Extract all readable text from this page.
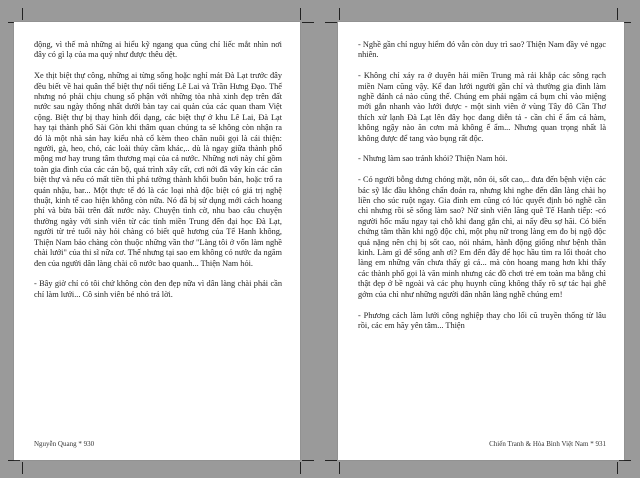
động, vì thế mà những ai hiểu kỹ ngang qua cũng chỉ liếc mắt nhìn nơi đây có gì lạ của ma quỷ như được thêu dệt.

Xe thịt biệt thự công, những ai từng sống hoặc nghỉ mát Đà Lạt trước đây đều biết về hai quân thể biệt thự nổi tiếng Lê Lai và Trần Hưng Đạo. Thế nhưng nó phải chịu chung số phận với những tòa nhà xinh đẹp trên đất nước sau ngày thống nhất dưới bàn tay cai quản của các quan tham Việt cộng. Biệt thự bị thay hình đổi dạng, các biệt thự ở khu Lê Lai, Đà Lạt hay tại thành phố Sài Gòn khi thâm quan chúng ta sẽ không còn nhận ra đó là một nhà sản hay kiểu nhà cổ kèm theo chăn nuôi gọi là cái thiện: người, gà, heo, chó, các loài thủy cầm khác,.. dù là ngay giữa thành phố mộng mơ hay trung tâm thương mại của cả nước. Những nơi này chỉ gồm toàn gia đình của các cán bộ, quá trình xây cất, cơi nới đã vây kín các căn biệt thự và nếu có mất tiền thì phá tường thành khối buôn bán, hoặc trổ ra quán nhậu, bar... Một thực tế đó là các loại nhà độc biệt có giá trị nghệ thuật, kinh tế cao hiện không còn nữa. Nó đã bị sử dụng mới cách hoang phí và bừa bãi trên đất nước này. Chuyện tình cờ, nhu bao câu chuyện thường ngày với sinh viên từ các tỉnh miền Trung đến đại học Đà Lạt, người từ trẻ tuổi này hỏi chàng có biết quê hương của Tế Hanh không, Thiện Nam bảo chàng còn thuộc những vần thơ "Làng tôi ở vốn làm nghề chài lưới" của thi sĩ nữa cơ. Thế nhưng tại sao em không có nước da ngăm đen của người dân làng chài cô nước bao quanh... Thiện Nam hỏi.

- Bây giờ chỉ có tôi chứ không còn đen đẹp nữa vì dân làng chài phải cần chỉ làm lưới... Cô sinh viên bé nhỏ trả lời.

Nguyễn Quang * 930

- Nghề gần chỉ nguy hiểm đó vẫn còn duy trì sao? Thiện Nam đầy vẻ ngạc nhiên.

- Không chỉ xảy ra ở duyên hải miền Trung mà rải khắp các sông rạch miền Nam cũng vậy. Kể đan lưới người gần chỉ và thường gia đình làm nghề đánh cá nào cũng thế. Chúng em phải ngậm cả bụm chì vào miệng mới gắn nhanh vào lưới được - một sinh viên ở vùng Tây đô Cần Thơ thích xử lạnh Đà Lạt lên đây học đang diễn tả - cần chì ế ẩm cá hàm, không ngậy nào ăn cơm mà không ế ẩm... Nhưng quan trọng nhất là không được để tang vào bụng rất độc.

- Nhưng làm sao tránh khỏi? Thiện Nam hỏi.

- Có người bỗng dưng chóng mặt, nôn ói, sốt cao,.. đưa đến bệnh viện các bác sỹ lắc đầu không chẩn đoán ra, nhưng khi nghe đến dân làng chài họ liền cho súc ruột ngay. Gia đình em cũng có lúc quyết định bỏ nghề cần chì nhưng rồi sẽ sống làm sao? Nữ sinh viên lãng quê Tế Hanh tiếp: -có người hốc mấu ngay tại chỗ khi đang gắn chì, ai nấy đều sợ hãi. Có biến chứng tâm thần khi ngộ độc chì, một phụ nữ trong làng em đo bị ngộ độc quá nặng nên chị bị sốt cao, nói nhảm, hành động giống như bệnh thần kinh. Làm gì để sống anh ơi? Em đến đây để học hầu tìm ra lối thoát cho làng em những vấn chưa thấy gì cả... mà còn hoang mang hơn khi thấy các thành phố gọi là văn minh nhưng các đồ chơi trẻ em toàn ma bằng chì thật đẹp ở bề ngoài và các phụ huynh cũng không thấy rõ sự tác hại ghê gớm của chì như những người dân nhân làng nghề chúng em!

- Phương cách làm lưới công nghiệp thay cho lối cũ truyền thống từ lâu rồi, các em hãy yên tâm... Thiện

Chiến Tranh & Hòa Bình Việt Nam * 931
